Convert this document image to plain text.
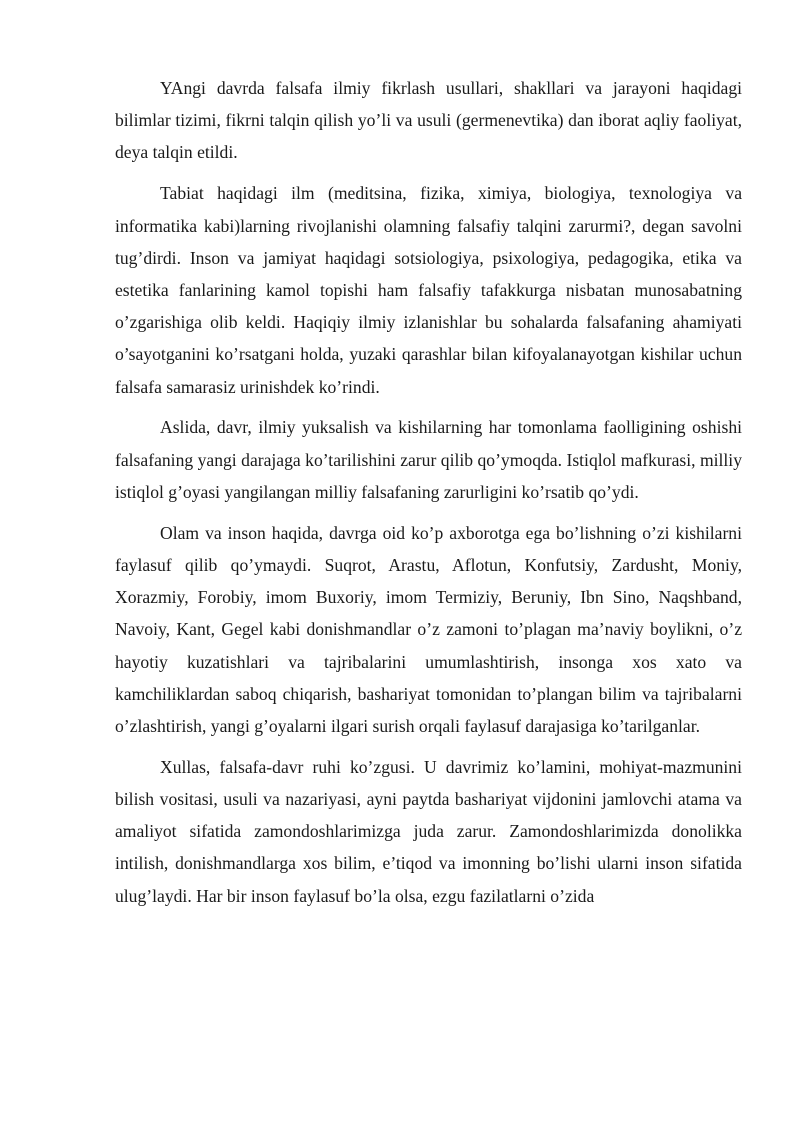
YAngi davrda falsafa ilmiy fikrlash usullari, shakllari va jarayoni haqidagi bilimlar tizimi, fikrni talqin qilish yo’li va usuli (germenevtika) dan iborat aqliy faoliyat, deya talqin etildi.

Tabiat haqidagi ilm (meditsina, fizika, ximiya, biologiya, texnologiya va informatika kabi)larning rivojlanishi olamning falsafiy talqini zarurmi?, degan savolni tug’dirdi. Inson va jamiyat haqidagi sotsiologiya, psixologiya, pedagogika, etika va estetika fanlarining kamol topishi ham falsafiy tafakkurga nisbatan munosabatning o’zgarishiga olib keldi. Haqiqiy ilmiy izlanishlar bu sohalarda falsafaning ahamiyati o’sayotganini ko’rsatgani holda, yuzaki qarashlar bilan kifoyalanayotgan kishilar uchun falsafa samarasiz urinishdek ko’rindi.

Aslida, davr, ilmiy yuksalish va kishilarning har tomonlama faolligining oshishi falsafaning yangi darajaga ko’tarilishini zarur qilib qo’ymoqda. Istiqlol mafkurasi, milliy istiqlol g’oyasi yangilangan milliy falsafaning zarurligini ko’rsatib qo’ydi.

Olam va inson haqida, davrga oid ko’p axborotga ega bo’lishning o’zi kishilarni faylasuf qilib qo’ymaydi. Suqrot, Arastu, Aflotun, Konfutsiy, Zardusht, Moniy, Xorazmiy, Forobiy, imom Buxoriy, imom Termiziy, Beruniy, Ibn Sino, Naqshband, Navoiy, Kant, Gegel kabi donishmandlar o’z zamoni to’plagan ma’naviy boylikni, o’z hayotiy kuzatishlari va tajribalarini umumlashtirish, insonga xos xato va kamchiliklardan saboq chiqarish, bashariyat tomonidan to’plangan bilim va tajribalarni o’zlashtirish, yangi g’oyalarni ilgari surish orqali faylasuf darajasiga ko’tarilganlar.

Xullas, falsafa-davr ruhi ko’zgusi. U davrimiz ko’lamini, mohiyat-mazmunini bilish vositasi, usuli va nazariyasi, ayni paytda bashariyat vijdonini jamlovchi atama va amaliyot sifatida zamondoshlarimizga juda zarur. Zamondoshlarimizda donolikka intilish, donishmandlarga xos bilim, e’tiqod va imonning bo’lishi ularni inson sifatida ulug’laydi. Har bir inson faylasuf bo’la olsa, ezgu fazilatlarni o’zida
